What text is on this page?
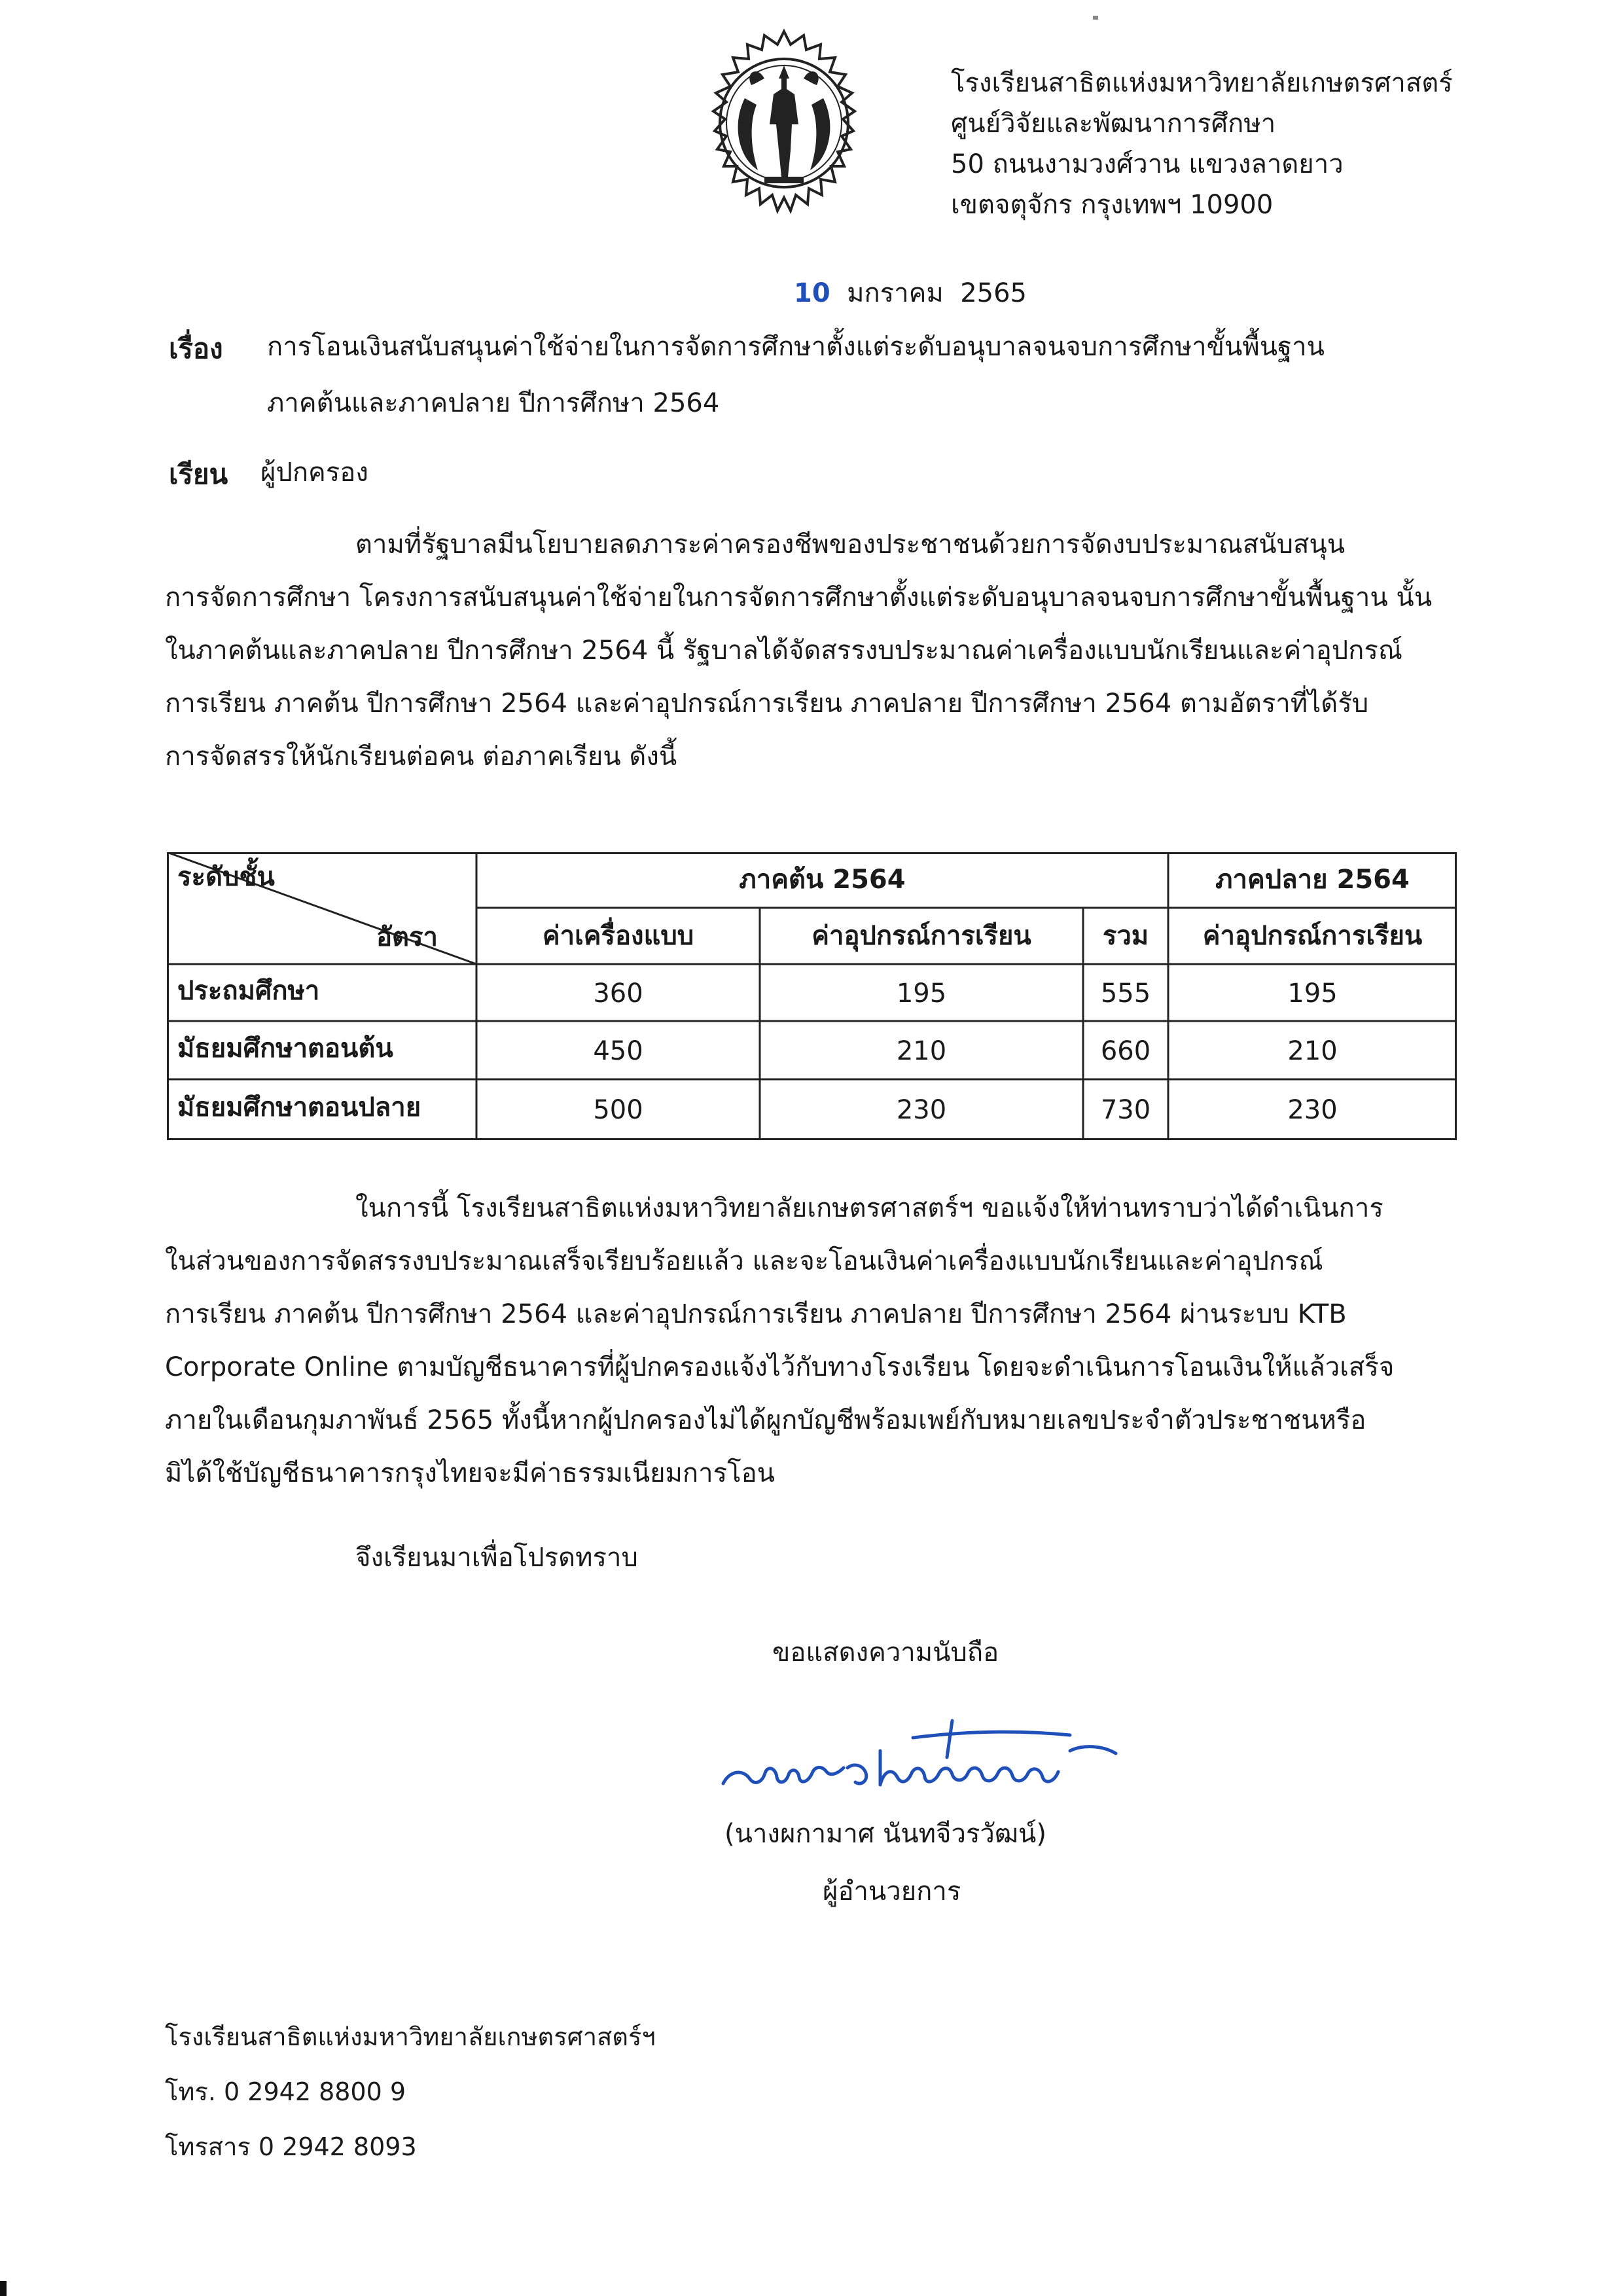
โรงเรียนสาธิตแห่งมหาวิทยาลัยเกษตรศาสตร์
ศูนย์วิจัยและพัฒนาการศึกษา
50 ถนนงามวงศ์วาน แขวงลาดยาว
เขตจตุจักร กรุงเทพฯ 10900
10  มกราคม  2565
เรื่อง การโอนเงินสนับสนุนค่าใช้จ่ายในการจัดการศึกษาตั้งแต่ระดับอนุบาลจนจบการศึกษาขั้นพื้นฐาน
ภาคต้นและภาคปลาย ปีการศึกษา 2564
เรียน ผู้ปกครอง
ตามที่รัฐบาลมีนโยบายลดภาระค่าครองชีพของประชาชนด้วยการจัดงบประมาณสนับสนุน
การจัดการศึกษา โครงการสนับสนุนค่าใช้จ่ายในการจัดการศึกษาตั้งแต่ระดับอนุบาลจนจบการศึกษาขั้นพื้นฐาน นั้น
ในภาคต้นและภาคปลาย ปีการศึกษา 2564 นี้ รัฐบาลได้จัดสรรงบประมาณค่าเครื่องแบบนักเรียนและค่าอุปกรณ์
การเรียน ภาคต้น ปีการศึกษา 2564 และค่าอุปกรณ์การเรียน ภาคปลาย ปีการศึกษา 2564 ตามอัตราที่ได้รับ
การจัดสรรให้นักเรียนต่อคน ต่อภาคเรียน ดังนี้
ระดับชั้น
อัตรา
ภาคต้น 2564	ภาคปลาย 2564
ค่าเครื่องแบบ	ค่าอุปกรณ์การเรียน	รวม	ค่าอุปกรณ์การเรียน
ประถมศึกษา	360	195	555	195
มัธยมศึกษาตอนต้น	450	210	660	210
มัธยมศึกษาตอนปลาย	500	230	730	230
ในการนี้ โรงเรียนสาธิตแห่งมหาวิทยาลัยเกษตรศาสตร์ฯ ขอแจ้งให้ท่านทราบว่าได้ดำเนินการ
ในส่วนของการจัดสรรงบประมาณเสร็จเรียบร้อยแล้ว และจะโอนเงินค่าเครื่องแบบนักเรียนและค่าอุปกรณ์
การเรียน ภาคต้น ปีการศึกษา 2564 และค่าอุปกรณ์การเรียน ภาคปลาย ปีการศึกษา 2564 ผ่านระบบ KTB
Corporate Online ตามบัญชีธนาคารที่ผู้ปกครองแจ้งไว้กับทางโรงเรียน โดยจะดำเนินการโอนเงินให้แล้วเสร็จ
ภายในเดือนกุมภาพันธ์ 2565 ทั้งนี้หากผู้ปกครองไม่ได้ผูกบัญชีพร้อมเพย์กับหมายเลขประจำตัวประชาชนหรือ
มิได้ใช้บัญชีธนาคารกรุงไทยจะมีค่าธรรมเนียมการโอน
จึงเรียนมาเพื่อโปรดทราบ
ขอแสดงความนับถือ
(นางผกามาศ นันทจีวรวัฒน์)
ผู้อำนวยการ
โรงเรียนสาธิตแห่งมหาวิทยาลัยเกษตรศาสตร์ฯ
โทร. 0 2942 8800 9
โทรสาร 0 2942 8093
